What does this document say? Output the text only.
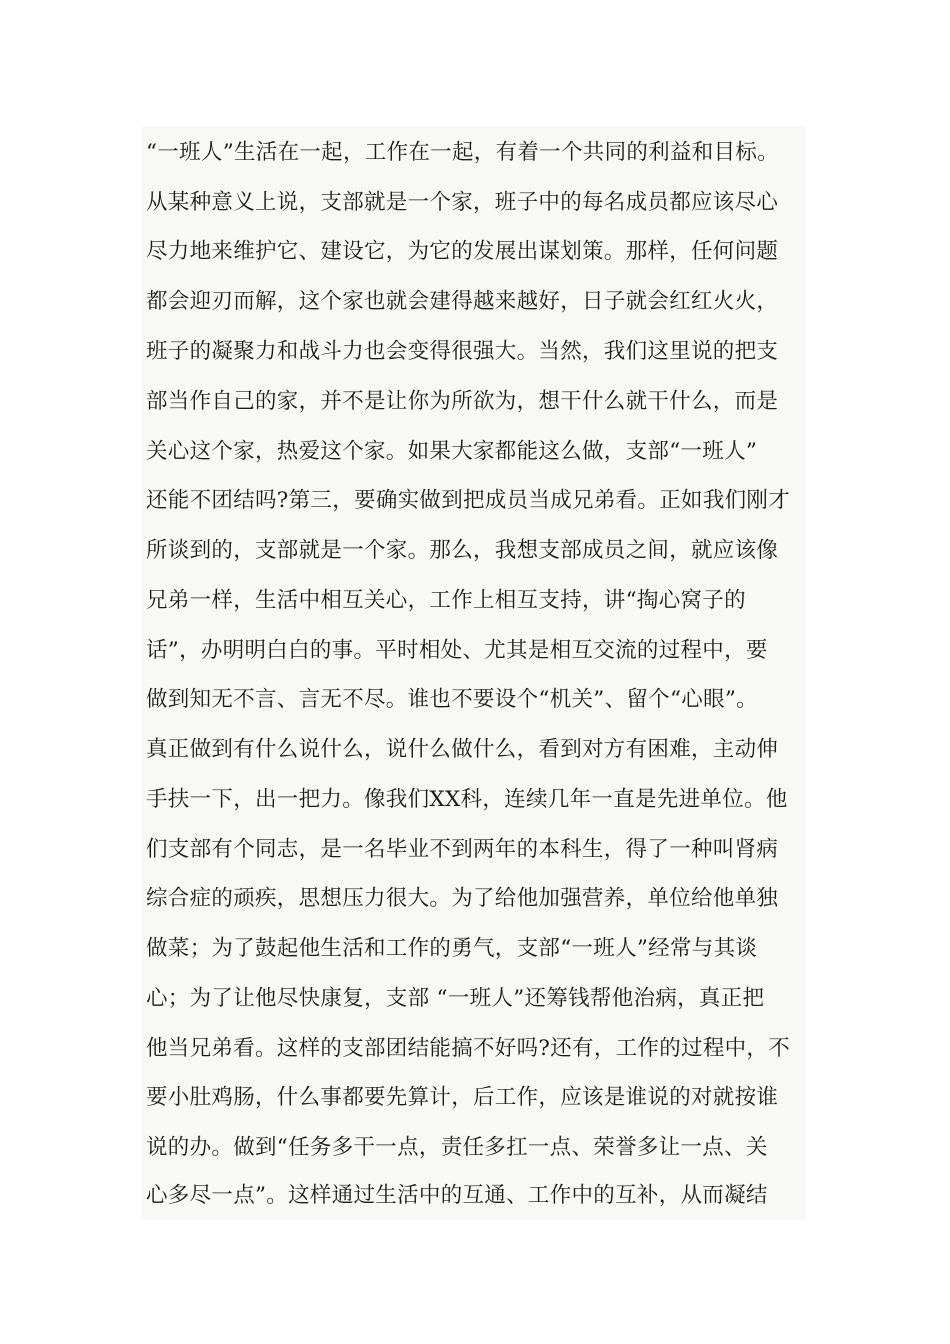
“一班人”生活在一起，工作在一起，有着一个共同的利益和目标。
从某种意义上说，支部就是一个家，班子中的每名成员都应该尽心
尽力地来维护它、建设它，为它的发展出谋划策。那样，任何问题
都会迎刃而解，这个家也就会建得越来越好，日子就会红红火火，
班子的凝聚力和战斗力也会变得很强大。当然，我们这里说的把支
部当作自己的家，并不是让你为所欲为，想干什么就干什么，而是
关心这个家，热爱这个家。如果大家都能这么做，支部“一班人”
还能不团结吗?第三，要确实做到把成员当成兄弟看。正如我们刚才
所谈到的，支部就是一个家。那么，我想支部成员之间，就应该像
兄弟一样，生活中相互关心，工作上相互支持，讲“掏心窝子的
话”，办明明白白的事。平时相处、尤其是相互交流的过程中，要
做到知无不言、言无不尽。谁也不要设个“机关”、留个“心眼”。
真正做到有什么说什么，说什么做什么，看到对方有困难，主动伸
手扶一下，出一把力。像我们XX科，连续几年一直是先进单位。他
们支部有个同志，是一名毕业不到两年的本科生，得了一种叫肾病
综合症的顽疾，思想压力很大。为了给他加强营养，单位给他单独
做菜；为了鼓起他生活和工作的勇气，支部“一班人”经常与其谈
心；为了让他尽快康复，支部 “一班人”还筹钱帮他治病，真正把
他当兄弟看。这样的支部团结能搞不好吗?还有，工作的过程中，不
要小肚鸡肠，什么事都要先算计，后工作，应该是谁说的对就按谁
说的办。做到“任务多干一点，责任多扛一点、荣誉多让一点、关
心多尽一点”。这样通过生活中的互通、工作中的互补，从而凝结
